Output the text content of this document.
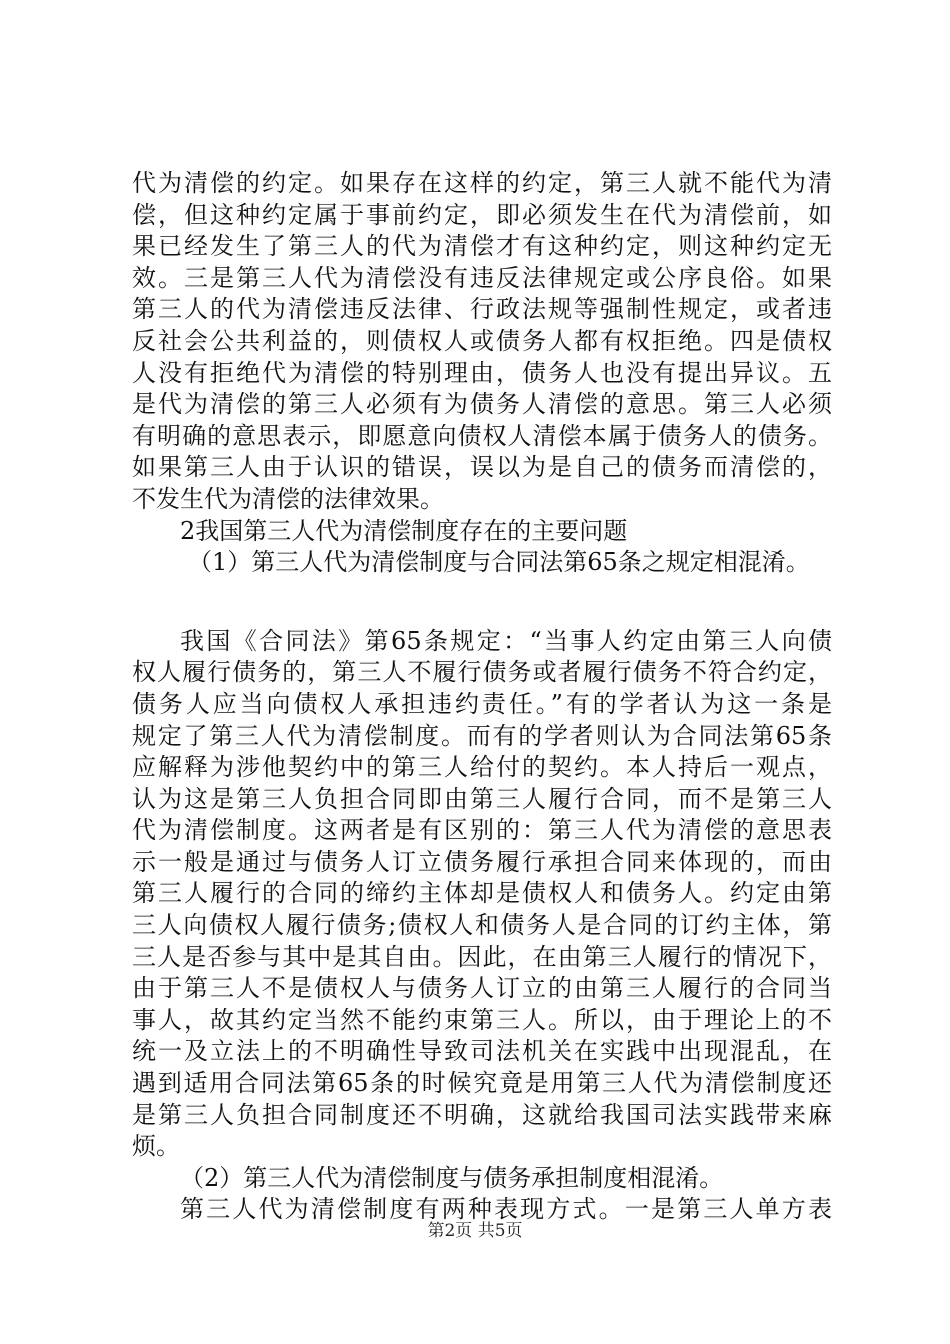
代为清偿的约定。如果存在这样的约定，第三人就不能代为清
偿，但这种约定属于事前约定，即必须发生在代为清偿前，如
果已经发生了第三人的代为清偿才有这种约定，则这种约定无
效。三是第三人代为清偿没有违反法律规定或公序良俗。如果
第三人的代为清偿违反法律、行政法规等强制性规定，或者违
反社会公共利益的，则债权人或债务人都有权拒绝。四是债权
人没有拒绝代为清偿的特别理由，债务人也没有提出异议。五
是代为清偿的第三人必须有为债务人清偿的意思。第三人必须
有明确的意思表示，即愿意向债权人清偿本属于债务人的债务。
如果第三人由于认识的错误，误以为是自己的债务而清偿的，
不发生代为清偿的法律效果。
2我国第三人代为清偿制度存在的主要问题
（1）第三人代为清偿制度与合同法第65条之规定相混淆。
我国《合同法》第65条规定：“当事人约定由第三人向债
权人履行债务的，第三人不履行债务或者履行债务不符合约定，
债务人应当向债权人承担违约责任。”有的学者认为这一条是
规定了第三人代为清偿制度。而有的学者则认为合同法第65条
应解释为涉他契约中的第三人给付的契约。本人持后一观点，
认为这是第三人负担合同即由第三人履行合同，而不是第三人
代为清偿制度。这两者是有区别的：第三人代为清偿的意思表
示一般是通过与债务人订立债务履行承担合同来体现的，而由
第三人履行的合同的缔约主体却是债权人和债务人。约定由第
三人向债权人履行债务;债权人和债务人是合同的订约主体，第
三人是否参与其中是其自由。因此，在由第三人履行的情况下，
由于第三人不是债权人与债务人订立的由第三人履行的合同当
事人，故其约定当然不能约束第三人。所以，由于理论上的不
统一及立法上的不明确性导致司法机关在实践中出现混乱，在
遇到适用合同法第65条的时候究竟是用第三人代为清偿制度还
是第三人负担合同制度还不明确，这就给我国司法实践带来麻
烦。
（2）第三人代为清偿制度与债务承担制度相混淆。
第三人代为清偿制度有两种表现方式。一是第三人单方表
第2页 共5页
